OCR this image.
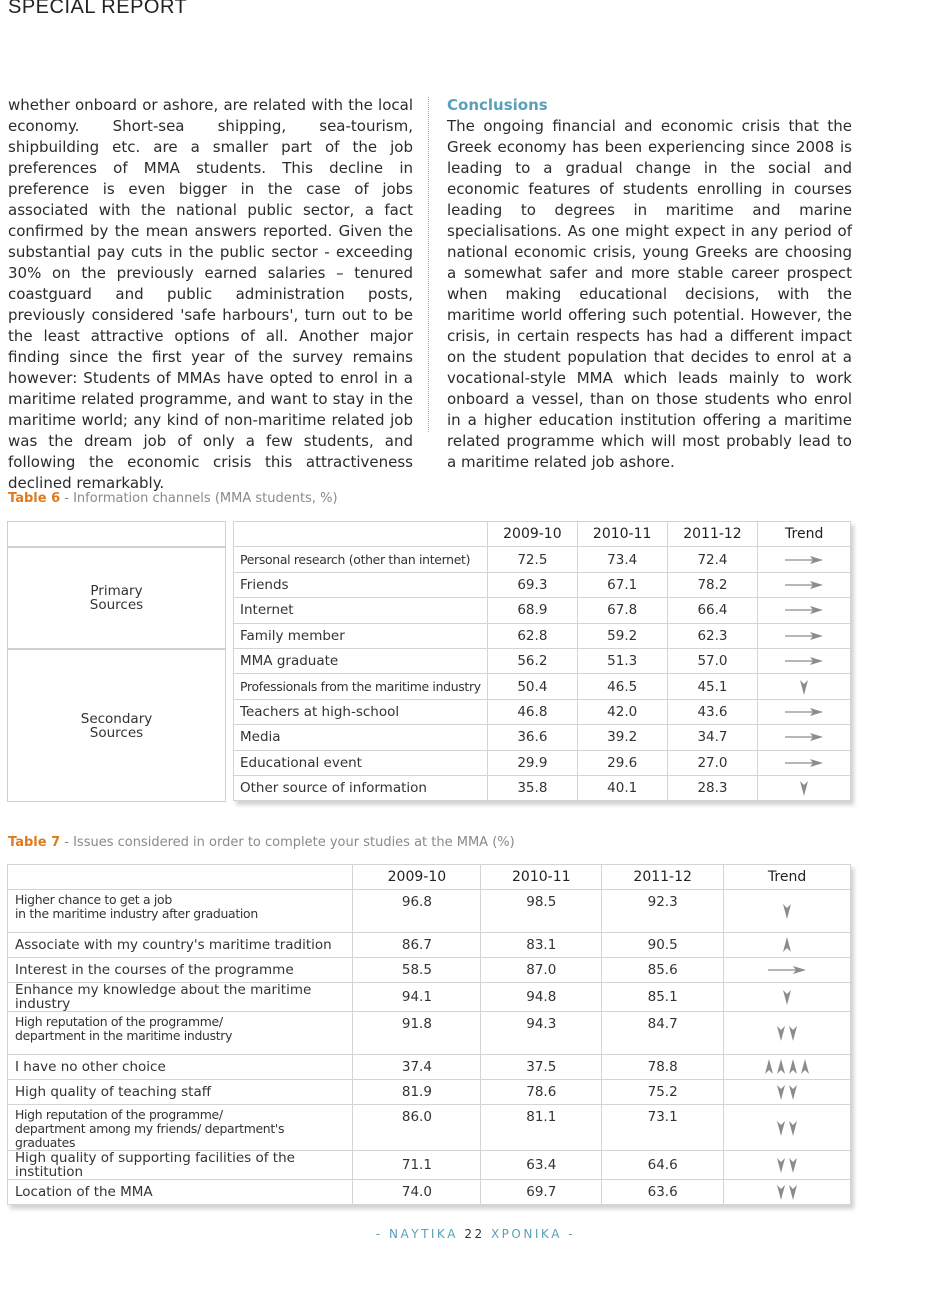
SPECIAL REPORT
whether onboard or ashore, are related with the local economy. Short-sea shipping, sea-tourism, shipbuilding etc. are a smaller part of the job preferences of MMA students. This decline in preference is even bigger in the case of jobs associated with the national public sector, a fact confirmed by the mean answers reported. Given the substantial pay cuts in the public sector - exceeding 30% on the previously earned salaries – tenured coastguard and public administration posts, previously considered 'safe harbours', turn out to be the least attractive options of all. Another major finding since the first year of the survey remains however: Students of MMAs have opted to enrol in a maritime related programme, and want to stay in the maritime world; any kind of non-maritime related job was the dream job of only a few students, and following the economic crisis this attractiveness declined remarkably.
Conclusions
The ongoing financial and economic crisis that the Greek economy has been experiencing since 2008 is leading to a gradual change in the social and economic features of students enrolling in courses leading to degrees in maritime and marine specialisations. As one might expect in any period of national economic crisis, young Greeks are choosing a somewhat safer and more stable career prospect when making educational decisions, with the maritime world offering such potential. However, the crisis, in certain respects has had a different impact on the student population that decides to enrol at a vocational-style MMA which leads mainly to work onboard a vessel, than on those students who enrol in a higher education institution offering a maritime related programme which will most probably lead to a maritime related job ashore.
Table 6 - Information channels (MMA students, %)
Primary Sources
Secondary Sources
	2009-10	2010-11	2011-12	Trend
Personal research (other than internet)	72.5	73.4	72.4	
Friends	69.3	67.1	78.2	
Internet	68.9	67.8	66.4	
Family member	62.8	59.2	62.3	
MMA graduate	56.2	51.3	57.0	
Professionals from the maritime industry	50.4	46.5	45.1	
Teachers at high-school	46.8	42.0	43.6	
Media	36.6	39.2	34.7	
Educational event	29.9	29.6	27.0	
Other source of information	35.8	40.1	28.3	
Table 7 - Issues considered in order to complete your studies at the MMA (%)
	2009-10	2010-11	2011-12	Trend
Higher chance to get a job
in the maritime industry after graduation	96.8	98.5	92.3	
Associate with my country's maritime tradition	86.7	83.1	90.5	
Interest in the courses of the programme	58.5	87.0	85.6	
Enhance my knowledge about the maritime industry	94.1	94.8	85.1	
High reputation of the programme/
department in the maritime industry	91.8	94.3	84.7	
I have no other choice	37.4	37.5	78.8	
High quality of teaching staff	81.9	78.6	75.2	
High reputation of the programme/
department among my friends/ department's graduates	86.0	81.1	73.1	
High quality of supporting facilities of the institution	71.1	63.4	64.6	
Location of the MMA	74.0	69.7	63.6	
- ΝΑΥΤΙΚΑ 22 ΧΡΟΝΙΚΑ -
